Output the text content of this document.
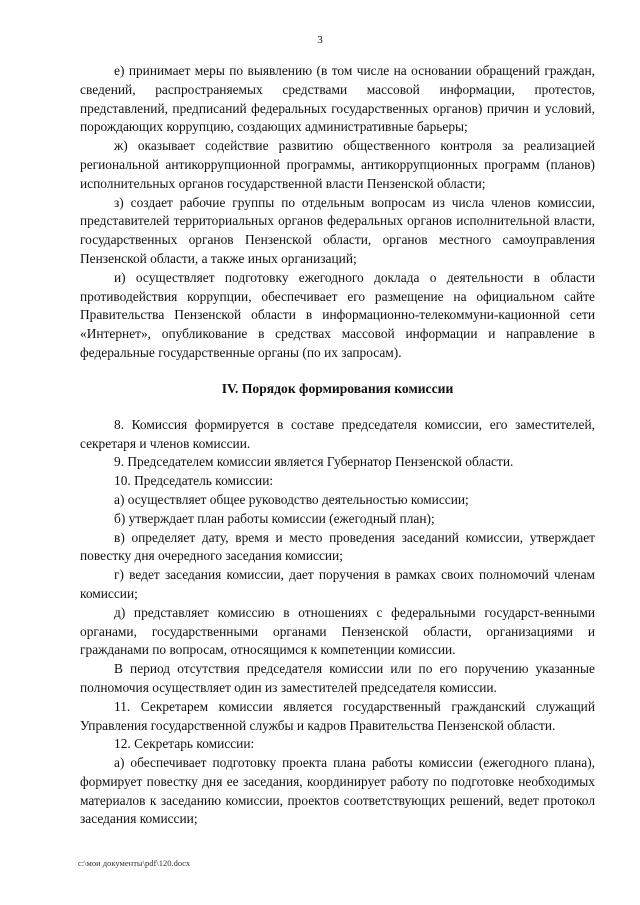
3

е) принимает меры по выявлению (в том числе на основании обращений граждан, сведений, распространяемых средствами массовой информации, протестов, представлений, предписаний федеральных государственных органов) причин и условий, порождающих коррупцию, создающих административные барьеры;

ж) оказывает содействие развитию общественного контроля за реализацией региональной антикоррупционной программы, антикоррупционных программ (планов) исполнительных органов государственной власти Пензенской области;

з) создает рабочие группы по отдельным вопросам из числа членов комиссии, представителей территориальных органов федеральных органов исполнительной власти, государственных органов Пензенской области, органов местного самоуправления Пензенской области, а также иных организаций;

и) осуществляет подготовку ежегодного доклада о деятельности в области противодействия коррупции, обеспечивает его размещение на официальном сайте Правительства Пензенской области в информационно-телекоммуни-кационной сети «Интернет», опубликование в средствах массовой информации и направление в федеральные государственные органы (по их запросам).

IV. Порядок формирования комиссии

8. Комиссия формируется в составе председателя комиссии, его заместителей, секретаря и членов комиссии.

9. Председателем комиссии является Губернатор Пензенской области.

10. Председатель комиссии:

а) осуществляет общее руководство деятельностью комиссии;

б) утверждает план работы комиссии (ежегодный план);

в) определяет дату, время и место проведения заседаний комиссии, утверждает повестку дня очередного заседания комиссии;

г) ведет заседания комиссии, дает поручения в рамках своих полномочий членам комиссии;

д) представляет комиссию в отношениях с федеральными государст-венными органами, государственными органами Пензенской области, организациями и гражданами по вопросам, относящимся к компетенции комиссии.

В период отсутствия председателя комиссии или по его поручению указанные полномочия осуществляет один из заместителей председателя комиссии.

11. Секретарем комиссии является государственный гражданский служащий Управления государственной службы и кадров Правительства Пензенской области.

12. Секретарь комиссии:

а) обеспечивает подготовку проекта плана работы комиссии (ежегодного плана), формирует повестку дня ее заседания, координирует работу по подготовке необходимых материалов к заседанию комиссии, проектов соответствующих решений, ведет протокол заседания комиссии;

c:\мои документы\pdf\120.docx
